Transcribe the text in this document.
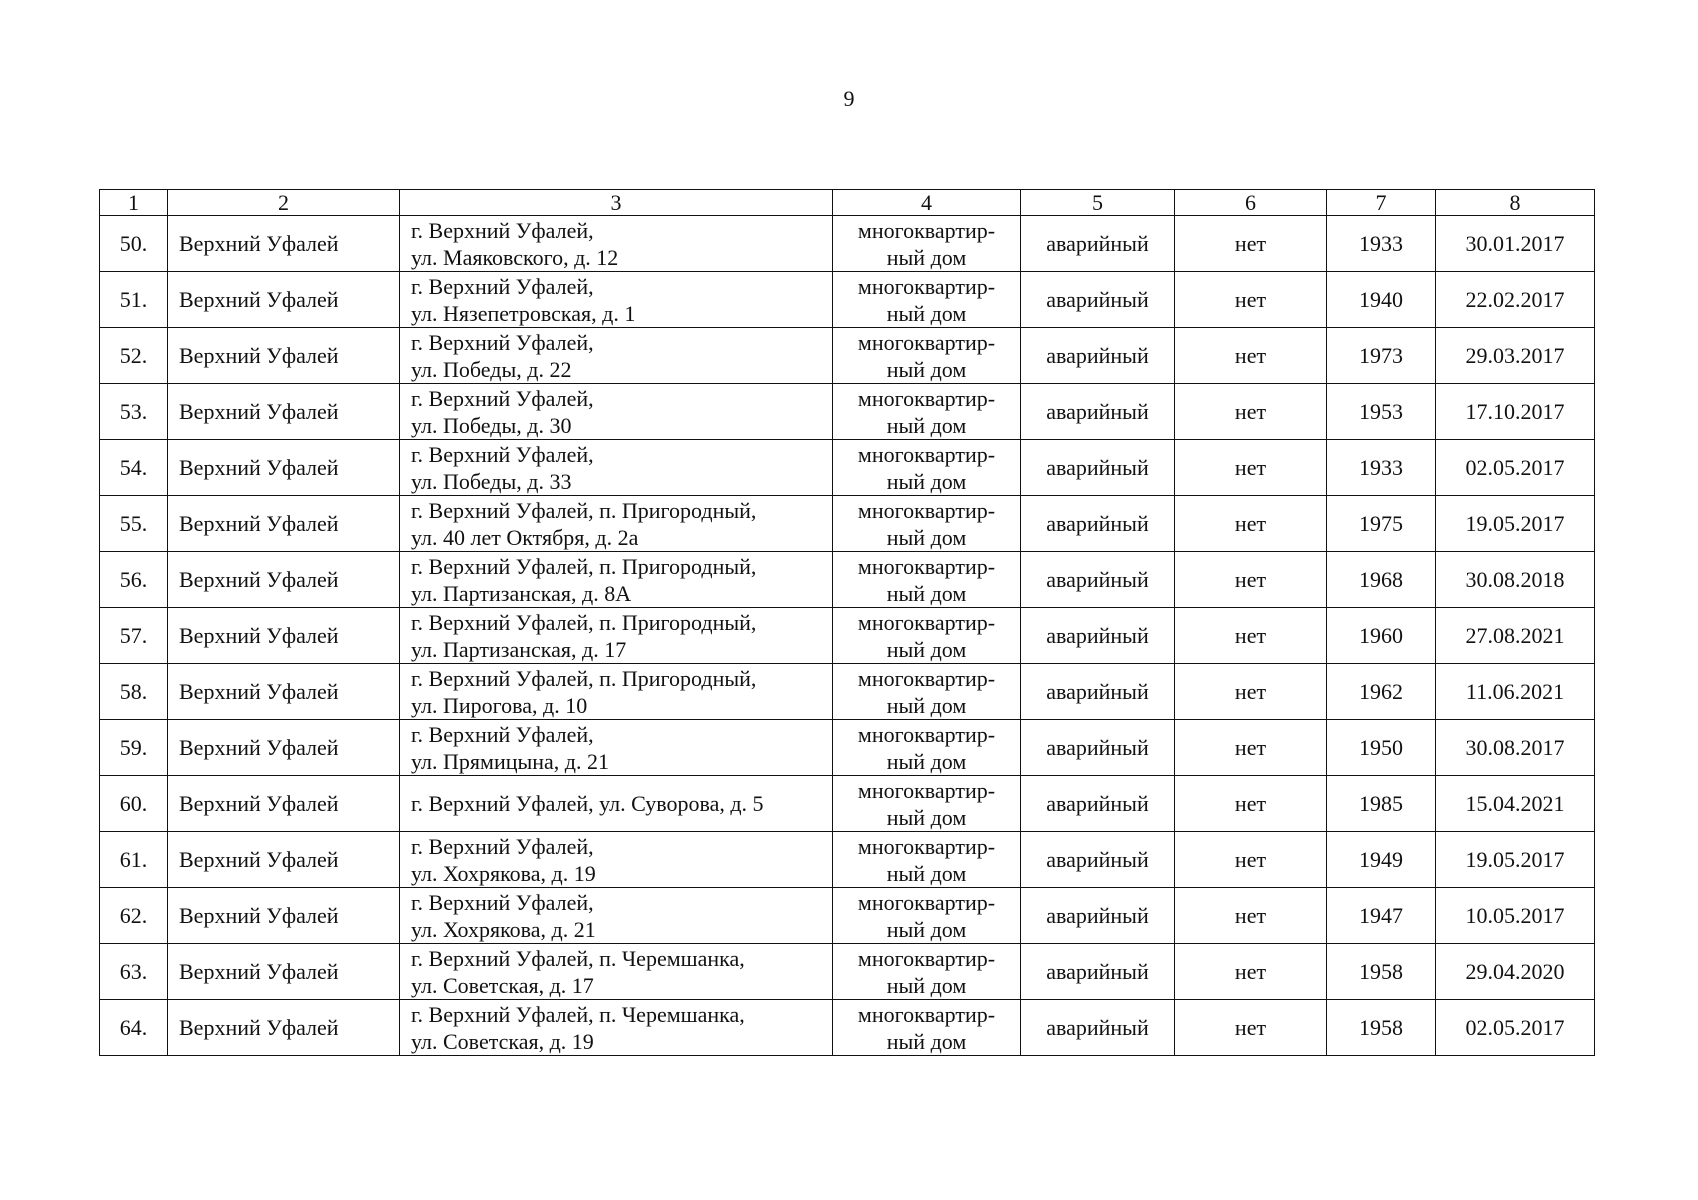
9
1	2	3	4	5	6	7	8
50.	Верхний Уфалей	г. Верхний Уфалей,
ул. Маяковского, д. 12	многоквартир-
ный дом	аварийный	нет	1933	30.01.2017
51.	Верхний Уфалей	г. Верхний Уфалей,
ул. Нязепетровская, д. 1	многоквартир-
ный дом	аварийный	нет	1940	22.02.2017
52.	Верхний Уфалей	г. Верхний Уфалей,
ул. Победы, д. 22	многоквартир-
ный дом	аварийный	нет	1973	29.03.2017
53.	Верхний Уфалей	г. Верхний Уфалей,
ул. Победы, д. 30	многоквартир-
ный дом	аварийный	нет	1953	17.10.2017
54.	Верхний Уфалей	г. Верхний Уфалей,
ул. Победы, д. 33	многоквартир-
ный дом	аварийный	нет	1933	02.05.2017
55.	Верхний Уфалей	г. Верхний Уфалей, п. Пригородный,
ул. 40 лет Октября, д. 2а	многоквартир-
ный дом	аварийный	нет	1975	19.05.2017
56.	Верхний Уфалей	г. Верхний Уфалей, п. Пригородный,
ул. Партизанская, д. 8А	многоквартир-
ный дом	аварийный	нет	1968	30.08.2018
57.	Верхний Уфалей	г. Верхний Уфалей, п. Пригородный,
ул. Партизанская, д. 17	многоквартир-
ный дом	аварийный	нет	1960	27.08.2021
58.	Верхний Уфалей	г. Верхний Уфалей, п. Пригородный,
ул. Пирогова, д. 10	многоквартир-
ный дом	аварийный	нет	1962	11.06.2021
59.	Верхний Уфалей	г. Верхний Уфалей,
ул. Прямицына, д. 21	многоквартир-
ный дом	аварийный	нет	1950	30.08.2017
60.	Верхний Уфалей	г. Верхний Уфалей, ул. Суворова, д. 5	многоквартир-
ный дом	аварийный	нет	1985	15.04.2021
61.	Верхний Уфалей	г. Верхний Уфалей,
ул. Хохрякова, д. 19	многоквартир-
ный дом	аварийный	нет	1949	19.05.2017
62.	Верхний Уфалей	г. Верхний Уфалей,
ул. Хохрякова, д. 21	многоквартир-
ный дом	аварийный	нет	1947	10.05.2017
63.	Верхний Уфалей	г. Верхний Уфалей, п. Черемшанка,
ул. Советская, д. 17	многоквартир-
ный дом	аварийный	нет	1958	29.04.2020
64.	Верхний Уфалей	г. Верхний Уфалей, п. Черемшанка,
ул. Советская, д. 19	многоквартир-
ный дом	аварийный	нет	1958	02.05.2017
